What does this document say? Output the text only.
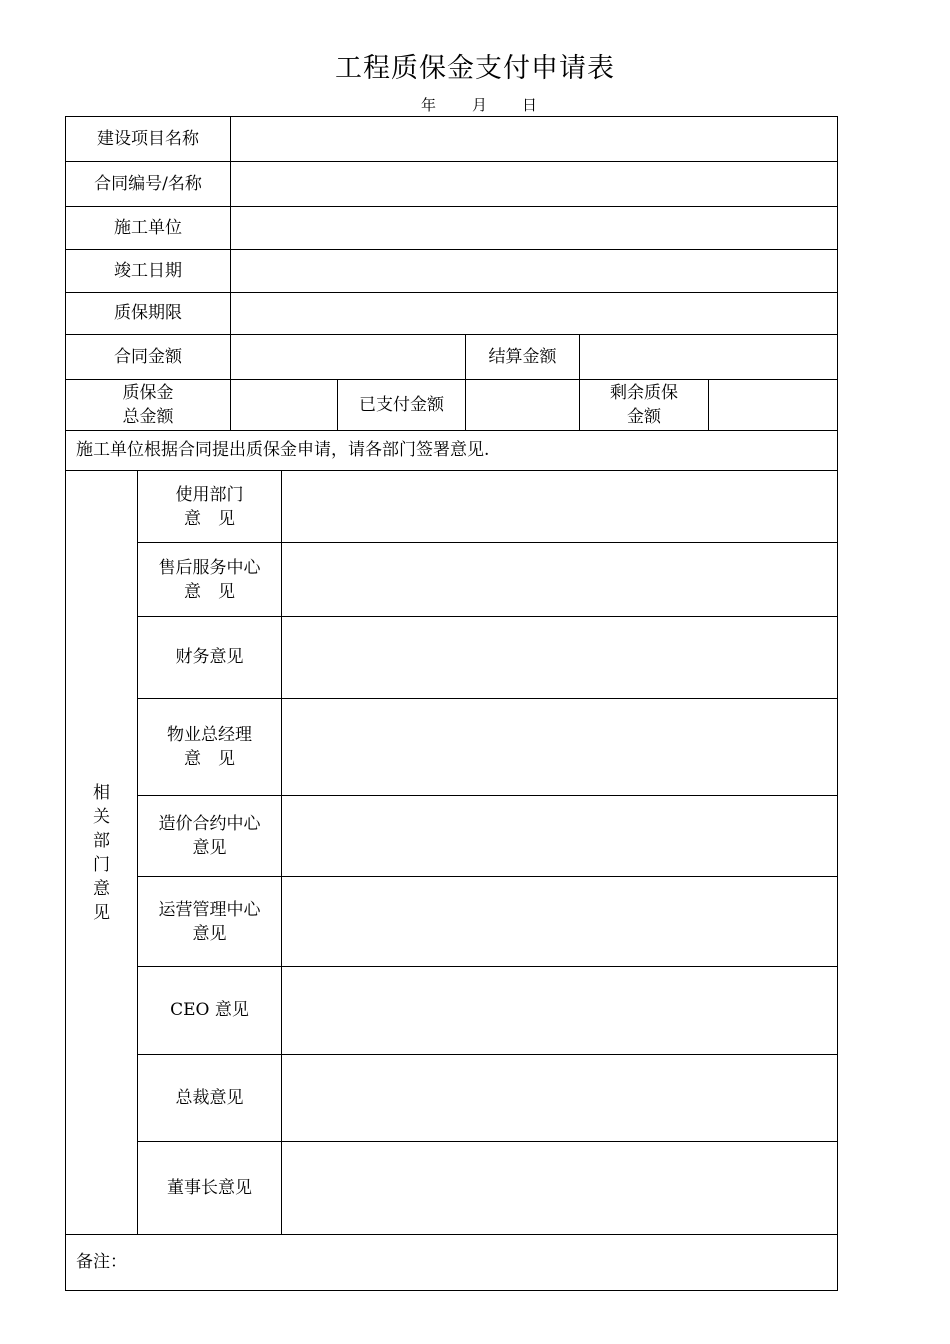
工程质保金支付申请表
年 月 日
建设项目名称
合同编号/名称
施工单位
竣工日期
质保期限
合同金额	结算金额
质保金
总金额
已支付金额
剩余质保
金额
施工单位根据合同提出质保金申请，请各部门签署意见.
相
关
部
门
意
见
使用部门
意　见
售后服务中心
意　见
财务意见
物业总经理
意　见
造价合约中心
意见
运营管理中心
意见
CEO 意见
总裁意见
董事长意见
备注：
